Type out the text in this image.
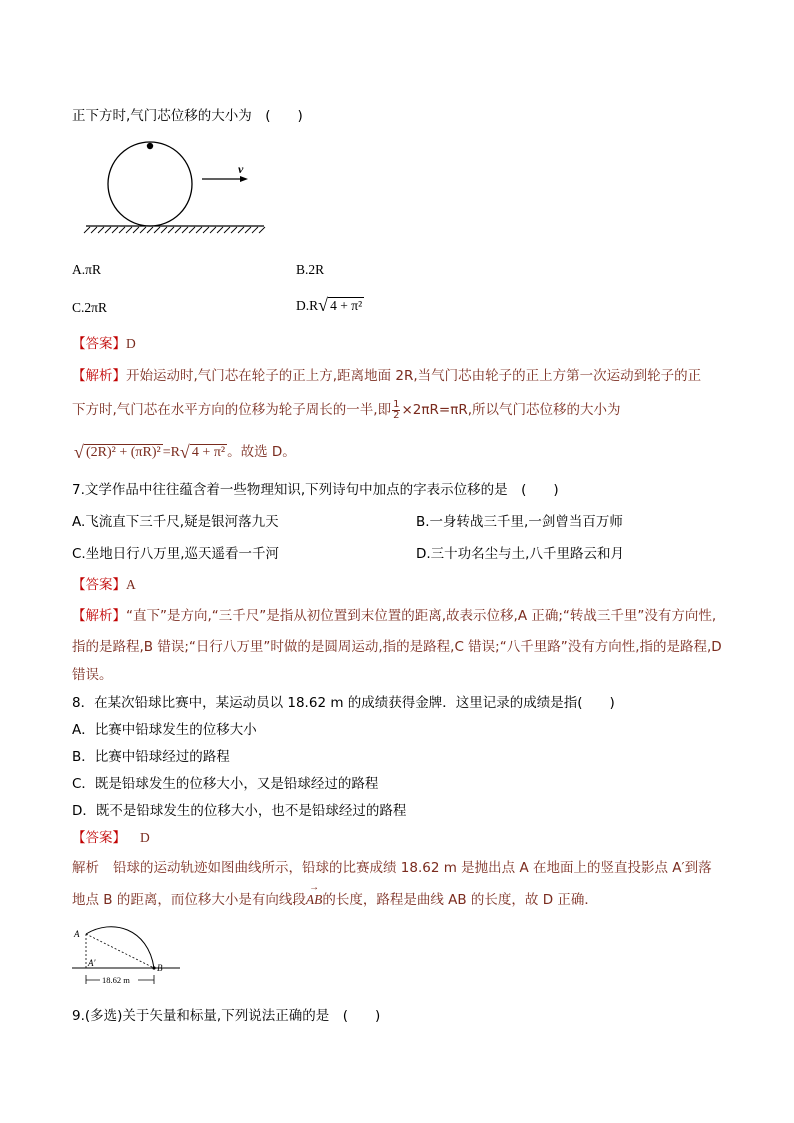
正下方时,气门芯位移的大小为　(　　)
v
A.πR	B.2R
C.2πR	D.R √ 4 + π²
【答案】D
【解析】开始运动时,气门芯在轮子的正上方,距离地面 2R,当气门芯由轮子的正上方第一次运动到轮子的正
下方时,气门芯在水平方向的位移为轮子周长的一半,即 $\frac{1}{2} \times 2\pi R=\pi R$,所以气门芯位移的大小为
√ (2R)² + (πR)² =R √ 4 + π² 。故选 D。
7.文学作品中往往蕴含着一些物理知识,下列诗句中加点的字表示位移的是　(　　)
A.飞流直下三千尺,疑是银河落九天	B.一身转战三千里,一剑曾当百万师
C.坐地日行八万里,巡天遥看一千河	D.三十功名尘与土,八千里路云和月
【答案】A
【解析】“直下”是方向,“三千尺”是指从初位置到末位置的距离,故表示位移,A 正确;“转战三千里”没有方向性,
指的是路程,B 错误;“日行八万里”时做的是圆周运动,指的是路程,C 错误;“八千里路”没有方向性,指的是路程,D
错误。
8．在某次铅球比赛中，某运动员以 18.62 m 的成绩获得金牌．这里记录的成绩是指(　　)
A．比赛中铅球发生的位移大小
B．比赛中铅球经过的路程
C．既是铅球发生的位移大小，又是铅球经过的路程
D．既不是铅球发生的位移大小，也不是铅球经过的路程
【答案】 D
解析 铅球的运动轨迹如图曲线所示，铅球的比赛成绩 18.62 m 是抛出点 A 在地面上的竖直投影点 A′到落
地点 B 的距离，而位移大小是有向线段→ AB的长度，路程是曲线 AB 的长度，故 D 正确．
A
A′	B
18.62 m
9.(多选)关于矢量和标量,下列说法正确的是　(　　)
